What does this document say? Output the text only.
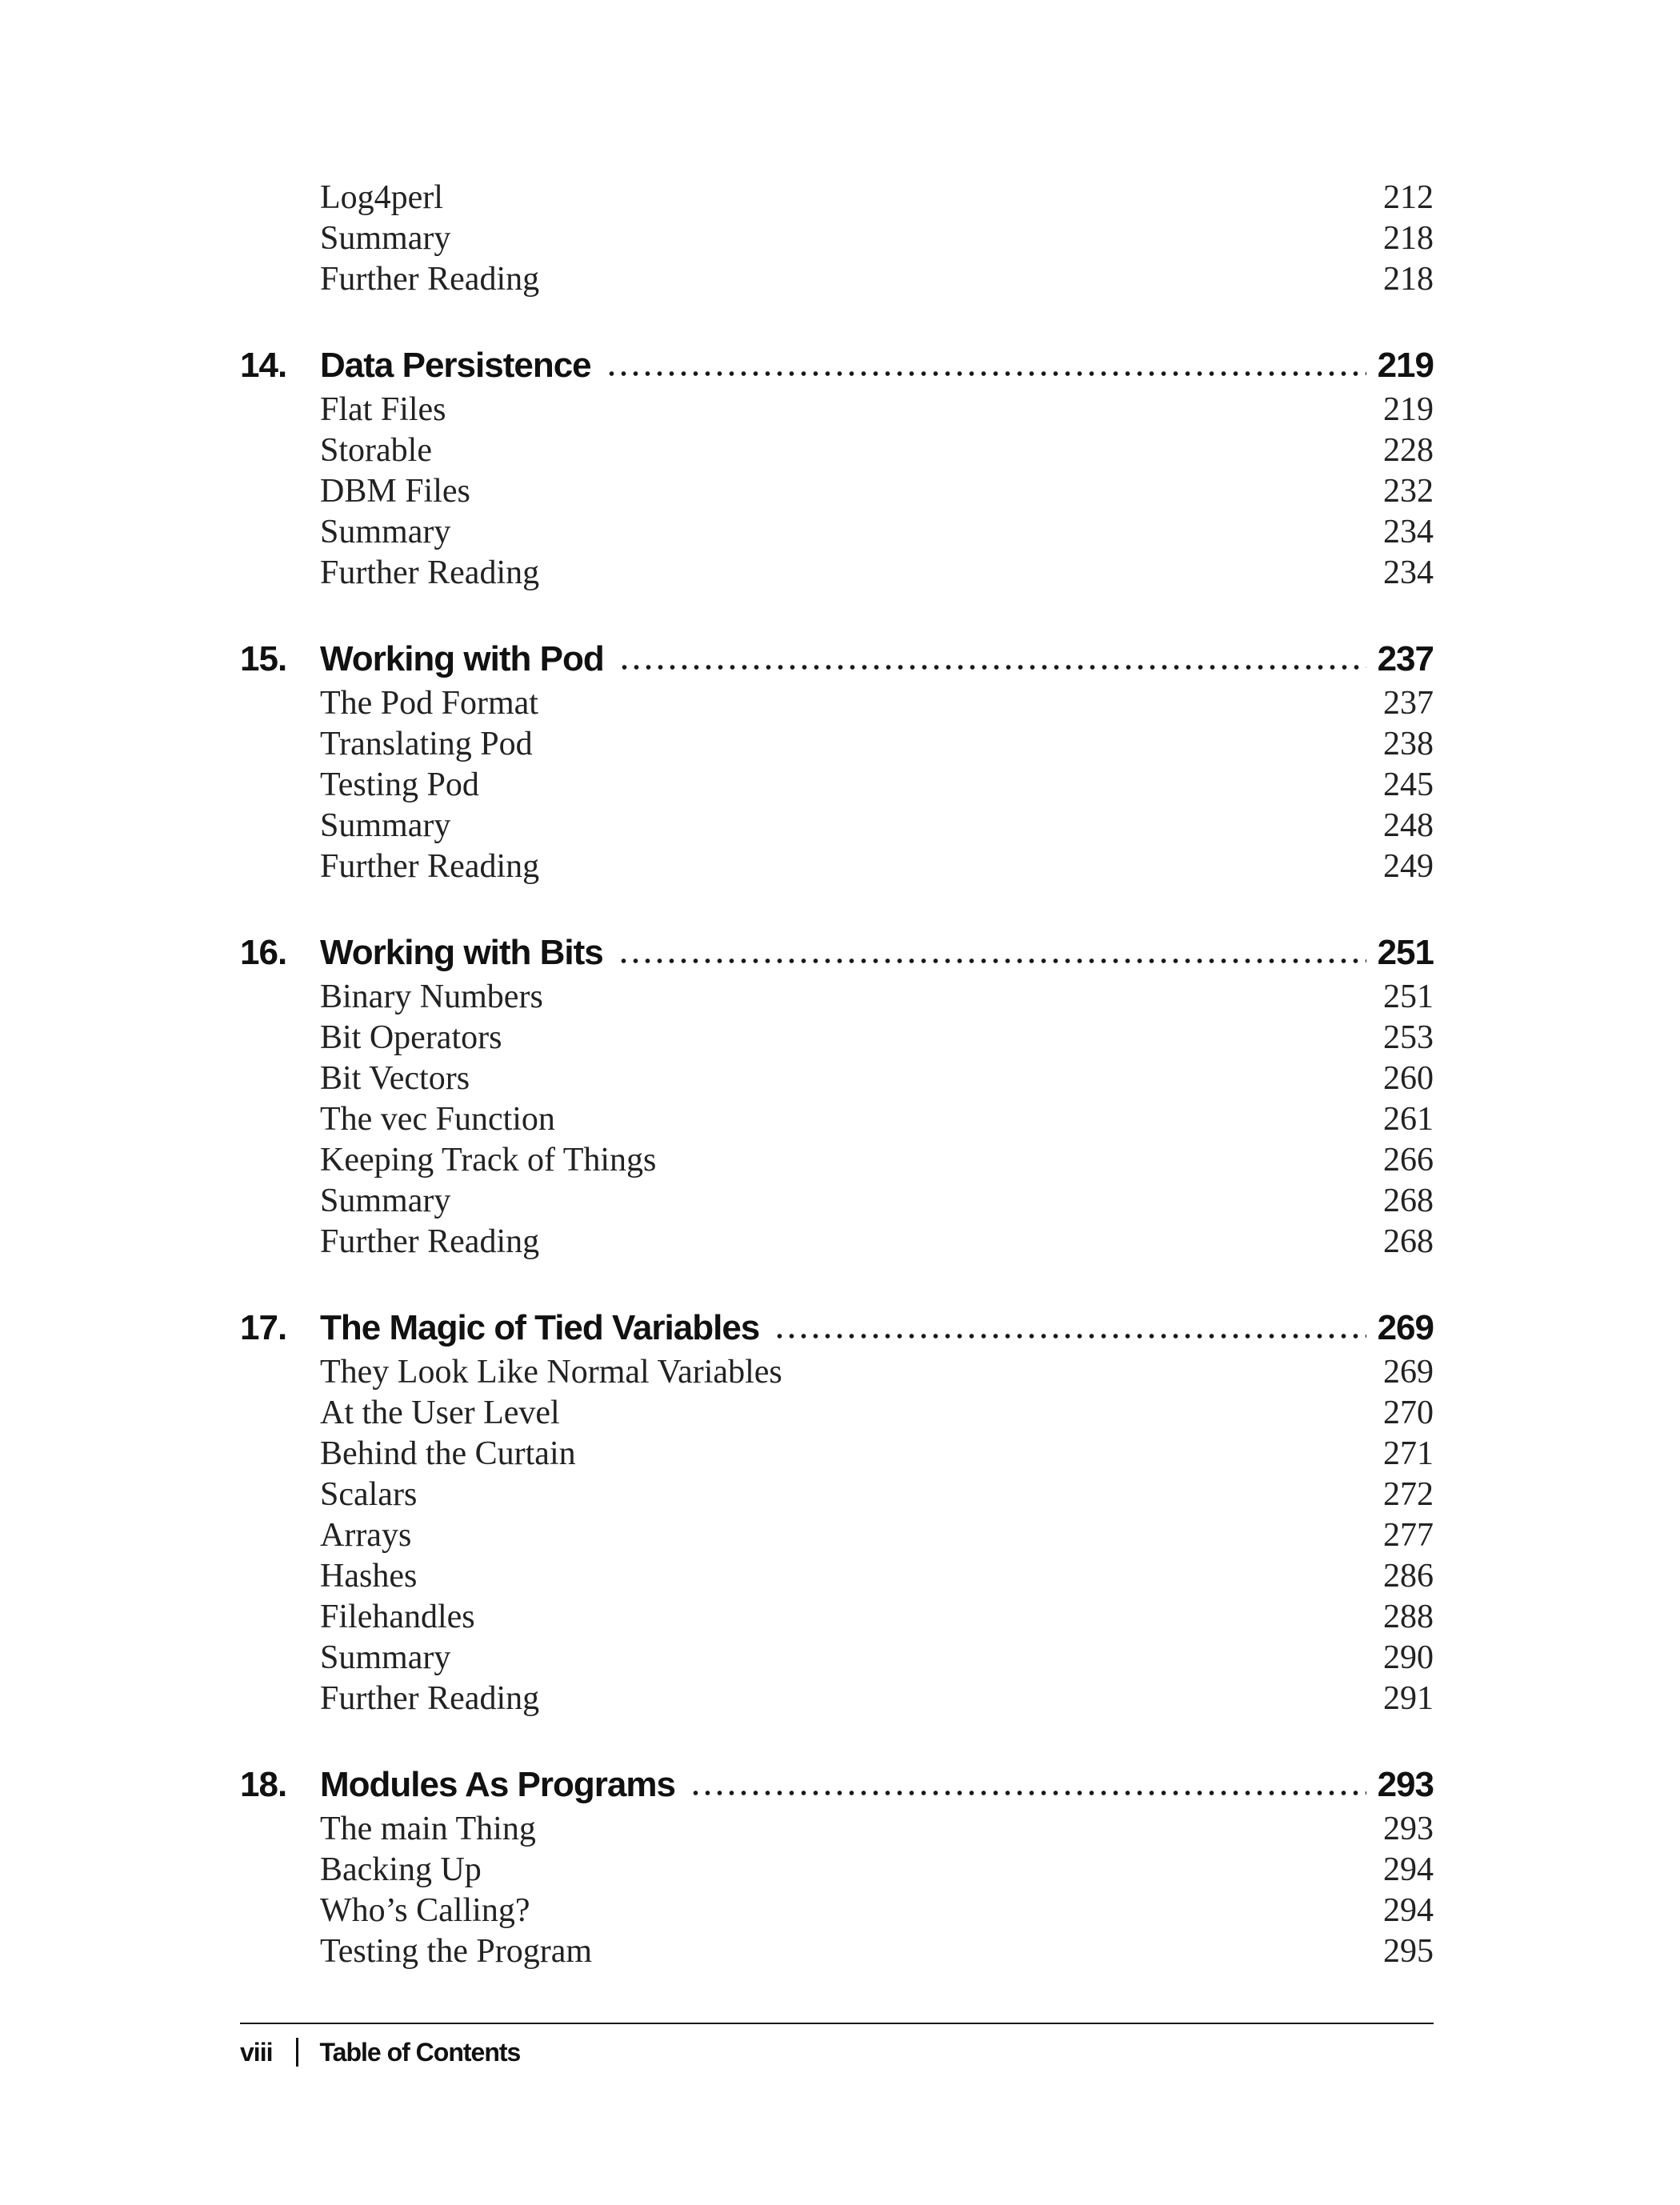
Log4perl	212
Summary	218
Further Reading	218
14. Data Persistence	219
Flat Files	219
Storable	228
DBM Files	232
Summary	234
Further Reading	234
15. Working with Pod	237
The Pod Format	237
Translating Pod	238
Testing Pod	245
Summary	248
Further Reading	249
16. Working with Bits	251
Binary Numbers	251
Bit Operators	253
Bit Vectors	260
The vec Function	261
Keeping Track of Things	266
Summary	268
Further Reading	268
17. The Magic of Tied Variables	269
They Look Like Normal Variables	269
At the User Level	270
Behind the Curtain	271
Scalars	272
Arrays	277
Hashes	286
Filehandles	288
Summary	290
Further Reading	291
18. Modules As Programs	293
The main Thing	293
Backing Up	294
Who’s Calling?	294
Testing the Program	295
viii Table of Contents
